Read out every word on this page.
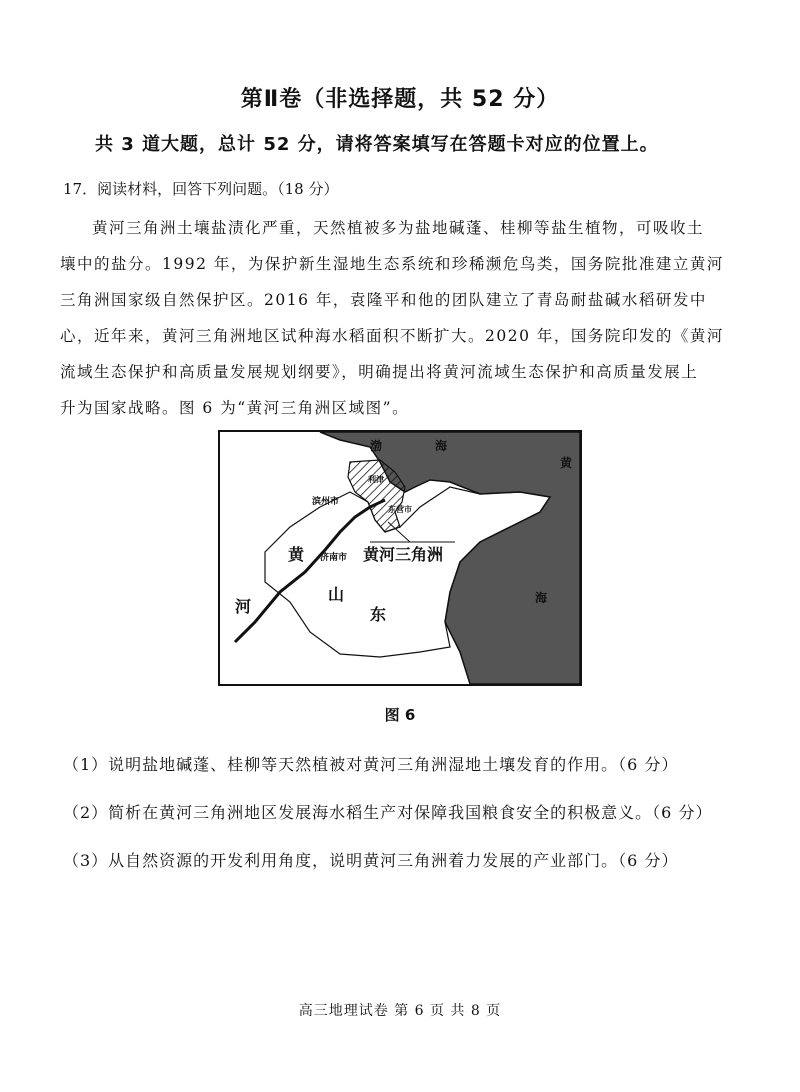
第Ⅱ卷（非选择题，共 52 分）
共 3 道大题，总计 52 分，请将答案填写在答题卡对应的位置上。
17．阅读材料，回答下列问题。（18 分）
黄河三角洲土壤盐渍化严重，天然植被多为盐地碱蓬、桂柳等盐生植物，可吸收土
壤中的盐分。1992 年，为保护新生湿地生态系统和珍稀濒危鸟类，国务院批准建立黄河
三角洲国家级自然保护区。2016 年，袁隆平和他的团队建立了青岛耐盐碱水稻研发中
心，近年来，黄河三角洲地区试种海水稻面积不断扩大。2020 年，国务院印发的《黄河
流域生态保护和高质量发展规划纲要》，明确提出将黄河流域生态保护和高质量发展上
升为国家战略。图 6 为“黄河三角洲区域图”。
渤	海
黄
海
利津
滨州市
东营市
济南市 黄河三角洲
黄
河
山
东
图 6
（1）说明盐地碱蓬、桂柳等天然植被对黄河三角洲湿地土壤发育的作用。（6 分）
（2）简析在黄河三角洲地区发展海水稻生产对保障我国粮食安全的积极意义。（6 分）
（3）从自然资源的开发利用角度，说明黄河三角洲着力发展的产业部门。（6 分）
高三地理试卷 第 6 页 共 8 页
